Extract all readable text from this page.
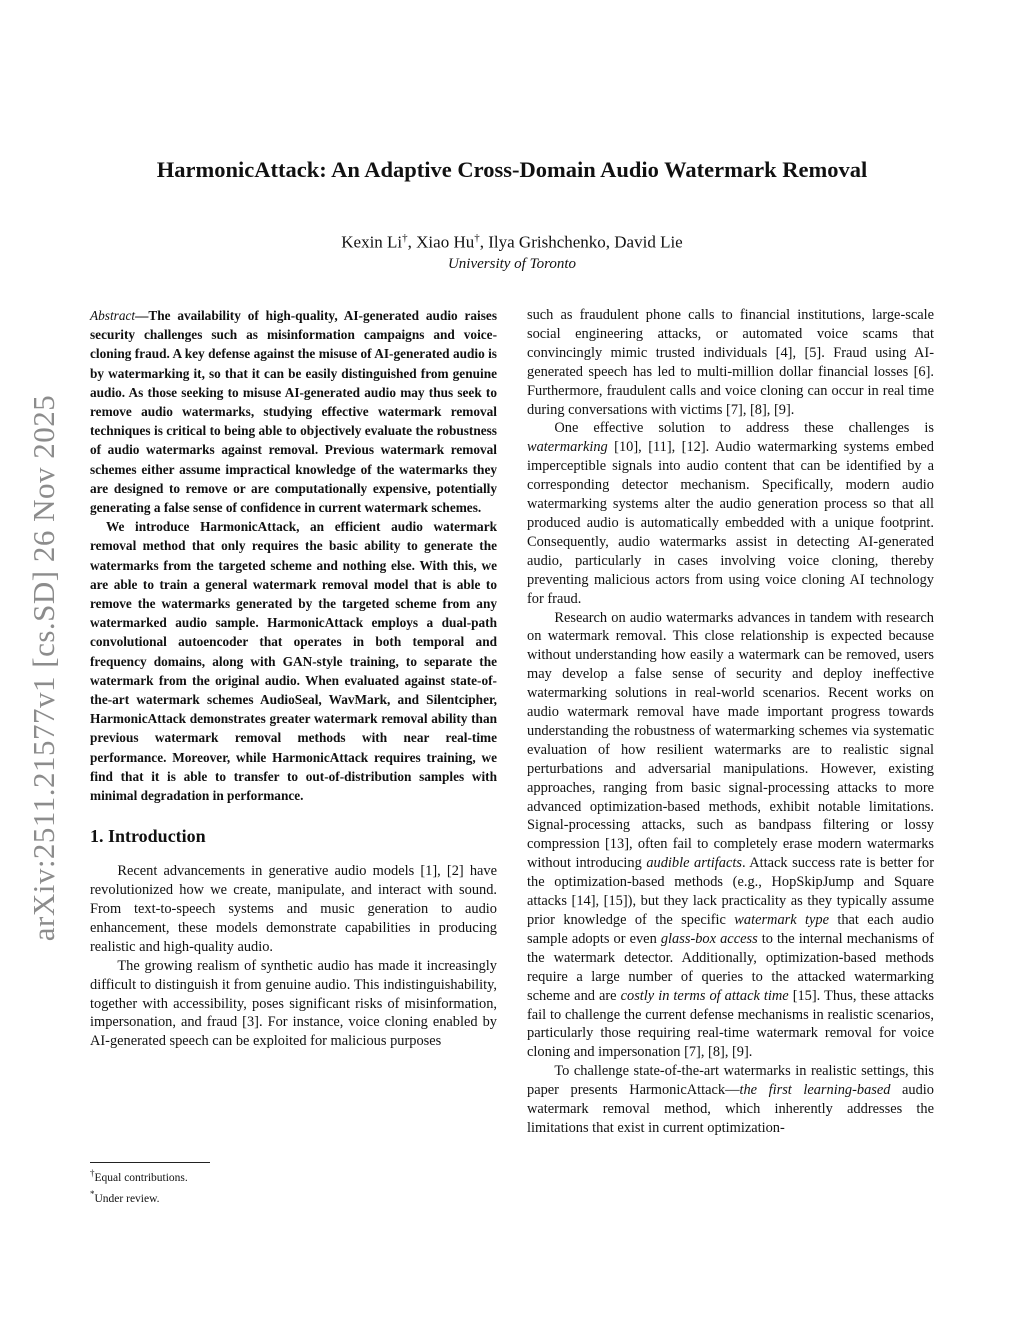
arXiv:2511.21577v1 [cs.SD] 26 Nov 2025
HarmonicAttack: An Adaptive Cross-Domain Audio Watermark Removal
Kexin Li†, Xiao Hu†, Ilya Grishchenko, David Lie
University of Toronto

Abstract—The availability of high-quality, AI-generated audio raises security challenges such as misinformation campaigns and voice-cloning fraud. A key defense against the misuse of AI-generated audio is by watermarking it, so that it can be easily distinguished from genuine audio. As those seeking to misuse AI-generated audio may thus seek to remove audio watermarks, studying effective watermark removal techniques is critical to being able to objectively evaluate the robustness of audio watermarks against removal. Previous watermark removal schemes either assume impractical knowledge of the watermarks they are designed to remove or are computationally expensive, potentially generating a false sense of confidence in current watermark schemes.

We introduce HarmonicAttack, an efficient audio watermark removal method that only requires the basic ability to generate the watermarks from the targeted scheme and nothing else. With this, we are able to train a general watermark removal model that is able to remove the watermarks generated by the targeted scheme from any watermarked audio sample. HarmonicAttack employs a dual-path convolutional autoencoder that operates in both temporal and frequency domains, along with GAN-style training, to separate the watermark from the original audio. When evaluated against state-of-the-art watermark schemes AudioSeal, WavMark, and Silentcipher, HarmonicAttack demonstrates greater watermark removal ability than previous watermark removal methods with near real-time performance. Moreover, while HarmonicAttack requires training, we find that it is able to transfer to out-of-distribution samples with minimal degradation in performance.

1. Introduction

Recent advancements in generative audio models [1], [2] have revolutionized how we create, manipulate, and interact with sound. From text-to-speech systems and music generation to audio enhancement, these models demonstrate capabilities in producing realistic and high-quality audio.

The growing realism of synthetic audio has made it increasingly difficult to distinguish it from genuine audio. This indistinguishability, together with accessibility, poses significant risks of misinformation, impersonation, and fraud [3]. For instance, voice cloning enabled by AI-generated speech can be exploited for malicious purposes

such as fraudulent phone calls to financial institutions, large-scale social engineering attacks, or automated voice scams that convincingly mimic trusted individuals [4], [5]. Fraud using AI-generated speech has led to multi-million dollar financial losses [6]. Furthermore, fraudulent calls and voice cloning can occur in real time during conversations with victims [7], [8], [9].

One effective solution to address these challenges is watermarking [10], [11], [12]. Audio watermarking systems embed imperceptible signals into audio content that can be identified by a corresponding detector mechanism. Specifically, modern audio watermarking systems alter the audio generation process so that all produced audio is automatically embedded with a unique footprint. Consequently, audio watermarks assist in detecting AI-generated audio, particularly in cases involving voice cloning, thereby preventing malicious actors from using voice cloning AI technology for fraud.

Research on audio watermarks advances in tandem with research on watermark removal. This close relationship is expected because without understanding how easily a watermark can be removed, users may develop a false sense of security and deploy ineffective watermarking solutions in real-world scenarios. Recent works on audio watermark removal have made important progress towards understanding the robustness of watermarking schemes via systematic evaluation of how resilient watermarks are to realistic signal perturbations and adversarial manipulations. However, existing approaches, ranging from basic signal-processing attacks to more advanced optimization-based methods, exhibit notable limitations. Signal-processing attacks, such as bandpass filtering or lossy compression [13], often fail to completely erase modern watermarks without introducing audible artifacts. Attack success rate is better for the optimization-based methods (e.g., HopSkipJump and Square attacks [14], [15]), but they lack practicality as they typically assume prior knowledge of the specific watermark type that each audio sample adopts or even glass-box access to the internal mechanisms of the watermark detector. Additionally, optimization-based methods require a large number of queries to the attacked watermarking scheme and are costly in terms of attack time [15]. Thus, these attacks fail to challenge the current defense mechanisms in realistic scenarios, particularly those requiring real-time watermark removal for voice cloning and impersonation [7], [8], [9].

To challenge state-of-the-art watermarks in realistic settings, this paper presents HarmonicAttack—the first learning-based audio watermark removal method, which inherently addresses the limitations that exist in current optimization-

†Equal contributions.

*Under review.
